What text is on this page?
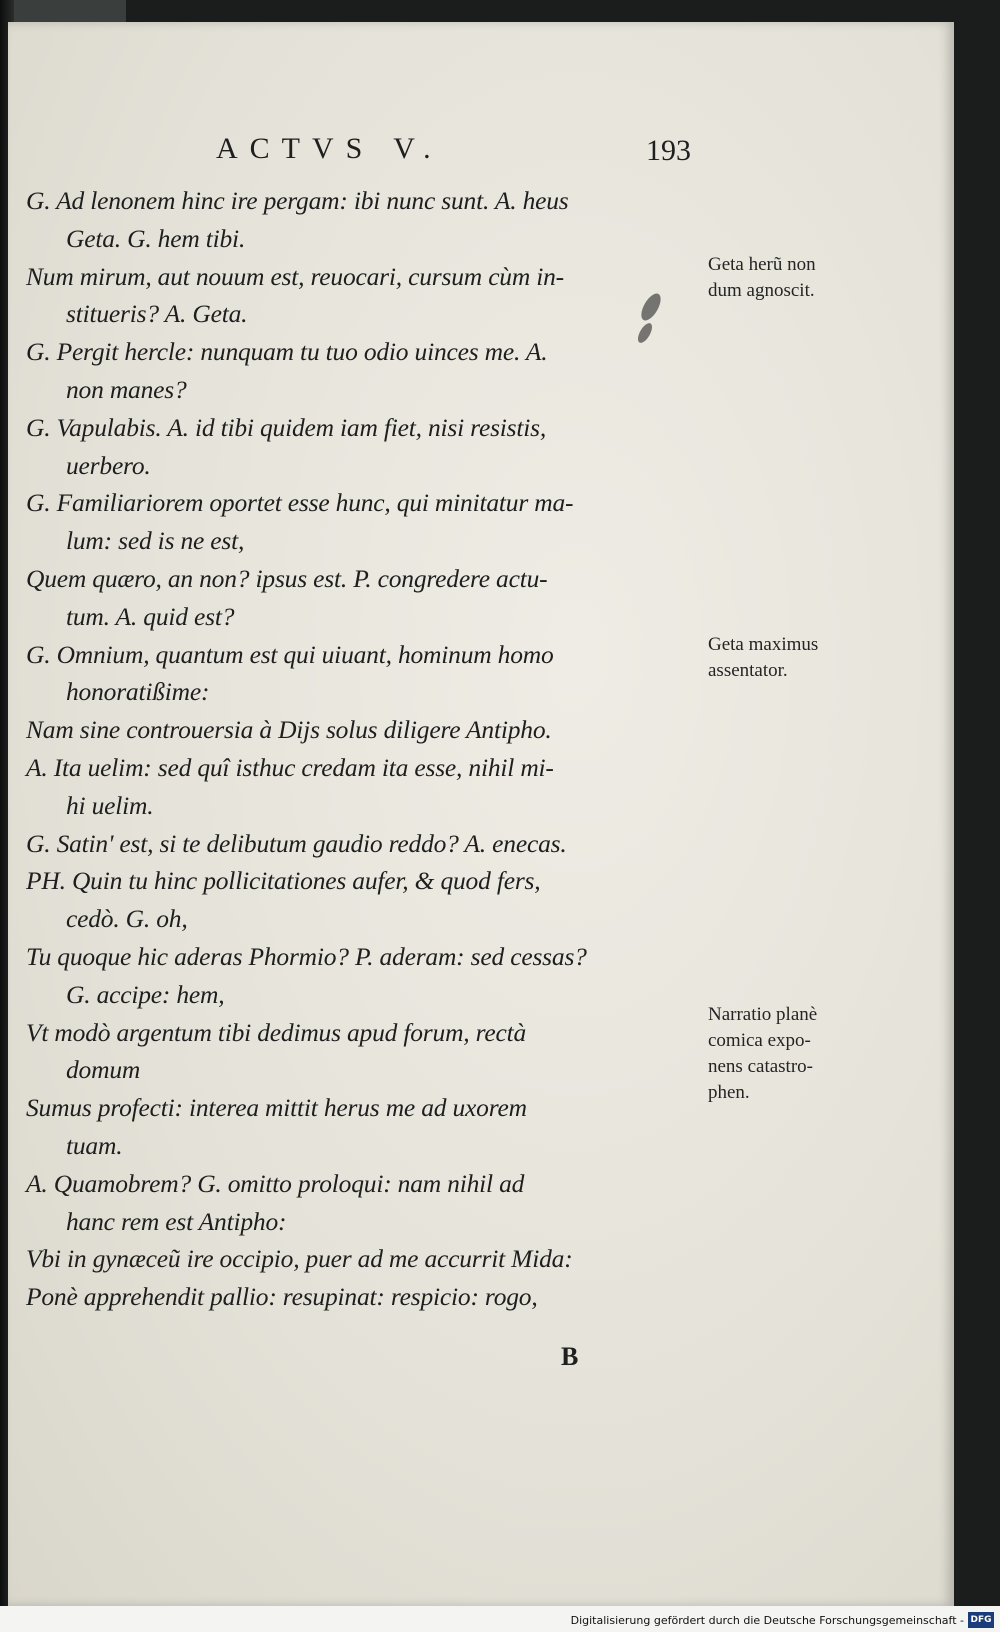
ACTVS V.	193
G. Ad lenonem hinc ire pergam: ibi nunc sunt. A. heus
Geta. G. hem tibi.
Num mirum, aut nouum est, reuocari, cursum cùm in-
stitueris? A. Geta.
G. Pergit hercle: nunquam tu tuo odio uinces me. A.
non manes?
G. Vapulabis. A. id tibi quidem iam fiet, nisi resistis,
uerbero.
G. Familiariorem oportet esse hunc, qui minitatur ma-
lum: sed is ne est,
Quem quæro, an non? ipsus est. P. congredere actu-
tum. A. quid est?
G. Omnium, quantum est qui uiuant, hominum homo
honoratißime:
Nam sine controuersia à Dijs solus diligere Antipho.
A. Ita uelim: sed quî isthuc credam ita esse, nihil mi-
hi uelim.
G. Satin' est, si te delibutum gaudio reddo? A. enecas.
PH. Quin tu hinc pollicitationes aufer, & quod fers,
cedò. G. oh,
Tu quoque hic aderas Phormio? P. aderam: sed cessas?
G. accipe: hem,
Vt modò argentum tibi dedimus apud forum, rectà
domum
Sumus profecti: interea mittit herus me ad uxorem
tuam.
A. Quamobrem? G. omitto proloqui: nam nihil ad
hanc rem est Antipho:
Vbi in gynæceũ ire occipio, puer ad me accurrit Mida:
Ponè apprehendit pallio: resupinat: respicio: rogo,
Geta herũ non
dum agnoscit.
Geta maximus
assentator.
Narratio planè
comica expo-
nens catastro-
phen.
B
Digitalisierung gefördert durch die Deutsche Forschungsgemeinschaft - DFG
